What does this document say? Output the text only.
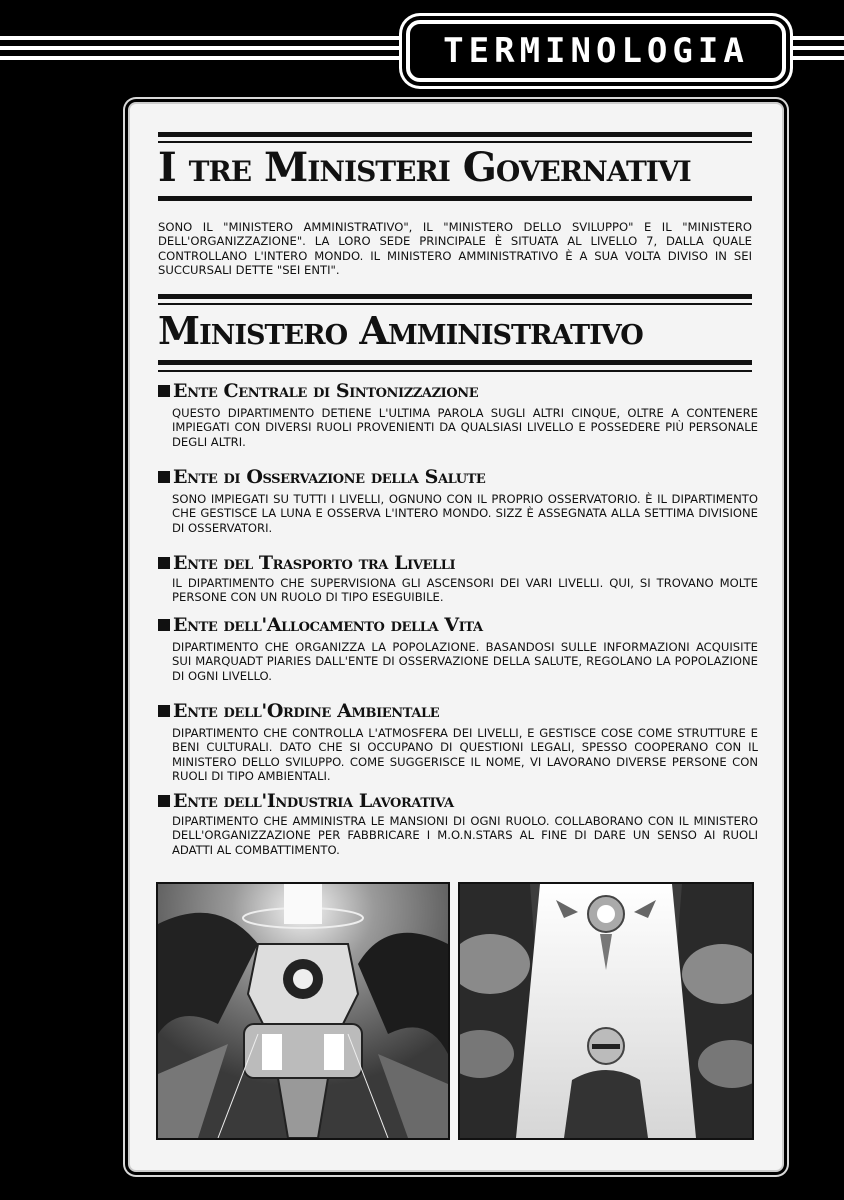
TERMINOLOGIA
I tre Ministeri Governativi

SONO IL "MINISTERO AMMINISTRATIVO", IL "MINISTERO DELLO SVILUPPO" E IL "MINISTERO DELL'ORGANIZZAZIONE". LA LORO SEDE PRINCIPALE È SITUATA AL LIVELLO 7, DALLA QUALE CONTROLLANO L'INTERO MONDO. IL MINISTERO AMMINISTRATIVO È A SUA VOLTA DIVISO IN SEI SUCCURSALI DETTE "SEI ENTI".

Ministero Amministrativo
Ente Centrale di Sintonizzazione

QUESTO DIPARTIMENTO DETIENE L'ULTIMA PAROLA SUGLI ALTRI CINQUE, OLTRE A CONTENERE IMPIEGATI CON DIVERSI RUOLI PROVENIENTI DA QUALSIASI LIVELLO E POSSEDERE PIÙ PERSONALE DEGLI ALTRI.

Ente di Osservazione della Salute

SONO IMPIEGATI SU TUTTI I LIVELLI, OGNUNO CON IL PROPRIO OSSERVATORIO. È IL DIPARTIMENTO CHE GESTISCE LA LUNA E OSSERVA L'INTERO MONDO. SIZZ È ASSEGNATA ALLA SETTIMA DIVISIONE DI OSSERVATORI.

Ente del Trasporto tra Livelli

IL DIPARTIMENTO CHE SUPERVISIONA GLI ASCENSORI DEI VARI LIVELLI. QUI, SI TROVANO MOLTE PERSONE CON UN RUOLO DI TIPO ESEGUIBILE.

Ente dell'Allocamento della Vita

DIPARTIMENTO CHE ORGANIZZA LA POPOLAZIONE. BASANDOSI SULLE INFORMAZIONI ACQUISITE SUI MARQUADT PIARIES DALL'ENTE DI OSSERVAZIONE DELLA SALUTE, REGOLANO LA POPOLAZIONE DI OGNI LIVELLO.

Ente dell'Ordine Ambientale

DIPARTIMENTO CHE CONTROLLA L'ATMOSFERA DEI LIVELLI, E GESTISCE COSE COME STRUTTURE E BENI CULTURALI. DATO CHE SI OCCUPANO DI QUESTIONI LEGALI, SPESSO COOPERANO CON IL MINISTERO DELLO SVILUPPO. COME SUGGERISCE IL NOME, VI LAVORANO DIVERSE PERSONE CON RUOLI DI TIPO AMBIENTALI.

Ente dell'Industria Lavorativa

DIPARTIMENTO CHE AMMINISTRA LE MANSIONI DI OGNI RUOLO. COLLABORANO CON IL MINISTERO DELL'ORGANIZZAZIONE PER FABBRICARE I M.O.N.STARS AL FINE DI DARE UN SENSO AI RUOLI ADATTI AL COMBATTIMENTO.
